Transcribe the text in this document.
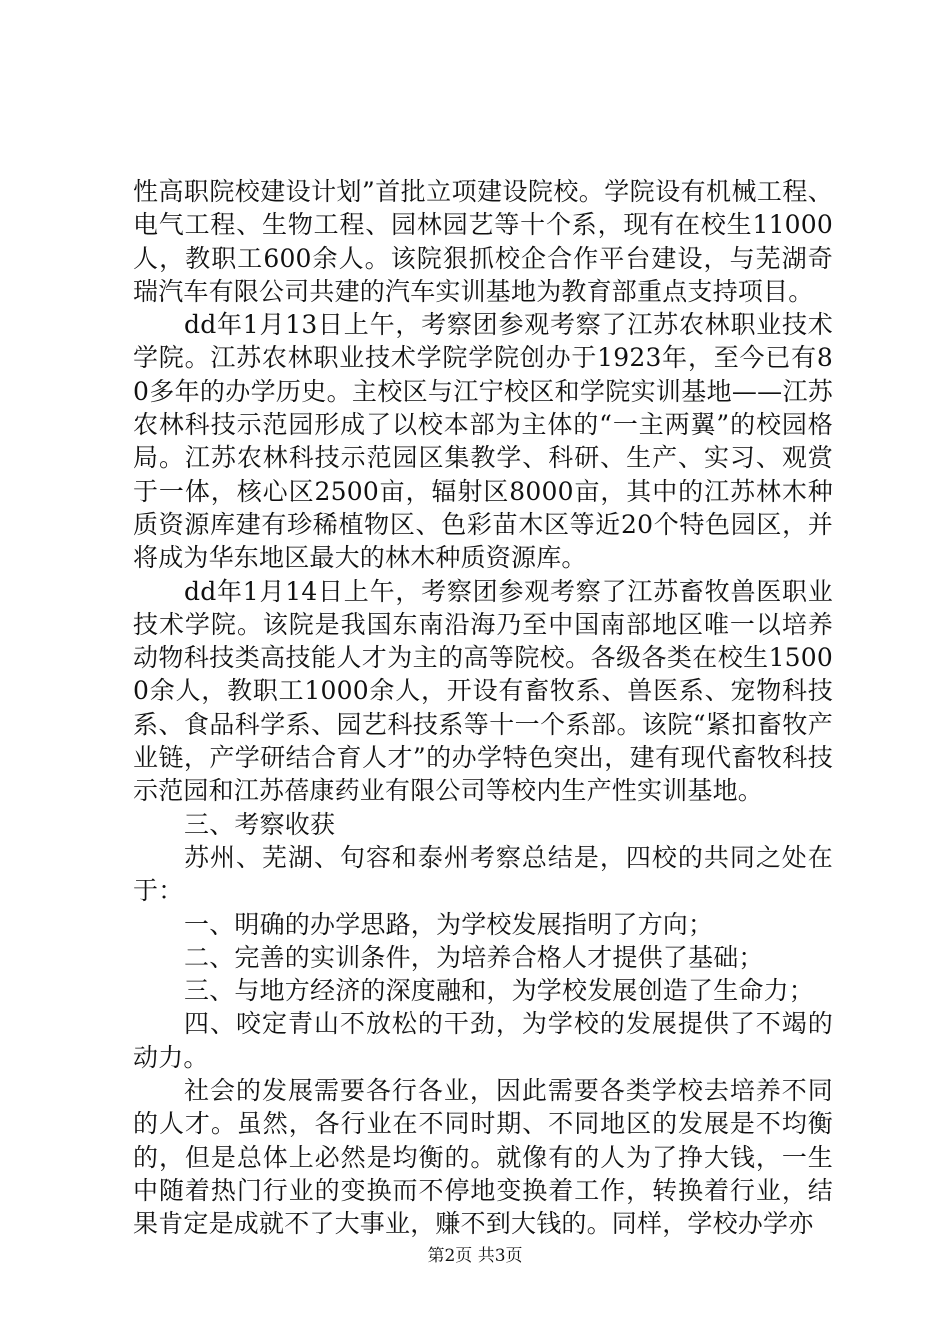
性高职院校建设计划”首批立项建设院校。学院设有机械工程、电气工程、生物工程、园林园艺等十个系，现有在校生11000人，教职工600余人。该院狠抓校企合作平台建设，与芜湖奇瑞汽车有限公司共建的汽车实训基地为教育部重点支持项目。

dd年1月13日上午，考察团参观考察了江苏农林职业技术学院。江苏农林职业技术学院学院创办于1923年，至今已有80多年的办学历史。主校区与江宁校区和学院实训基地——江苏农林科技示范园形成了以校本部为主体的“一主两翼”的校园格局。江苏农林科技示范园区集教学、科研、生产、实习、观赏于一体，核心区2500亩，辐射区8000亩，其中的江苏林木种质资源库建有珍稀植物区、色彩苗木区等近20个特色园区，并将成为华东地区最大的林木种质资源库。

dd年1月14日上午，考察团参观考察了江苏畜牧兽医职业技术学院。该院是我国东南沿海乃至中国南部地区唯一以培养动物科技类高技能人才为主的高等院校。各级各类在校生15000余人，教职工1000余人，开设有畜牧系、兽医系、宠物科技系、食品科学系、园艺科技系等十一个系部。该院“紧扣畜牧产业链，产学研结合育人才”的办学特色突出，建有现代畜牧科技示范园和江苏蓓康药业有限公司等校内生产性实训基地。

三、考察收获

苏州、芜湖、句容和泰州考察总结是，四校的共同之处在于：

一、明确的办学思路，为学校发展指明了方向；

二、完善的实训条件，为培养合格人才提供了基础；

三、与地方经济的深度融和，为学校发展创造了生命力；

四、咬定青山不放松的干劲，为学校的发展提供了不竭的动力。

社会的发展需要各行各业，因此需要各类学校去培养不同的人才。虽然，各行业在不同时期、不同地区的发展是不均衡的，但是总体上必然是均衡的。就像有的人为了挣大钱，一生中随着热门行业的变换而不停地变换着工作，转换着行业，结果肯定是成就不了大事业，赚不到大钱的。同样，学校办学亦

第2页 共3页
